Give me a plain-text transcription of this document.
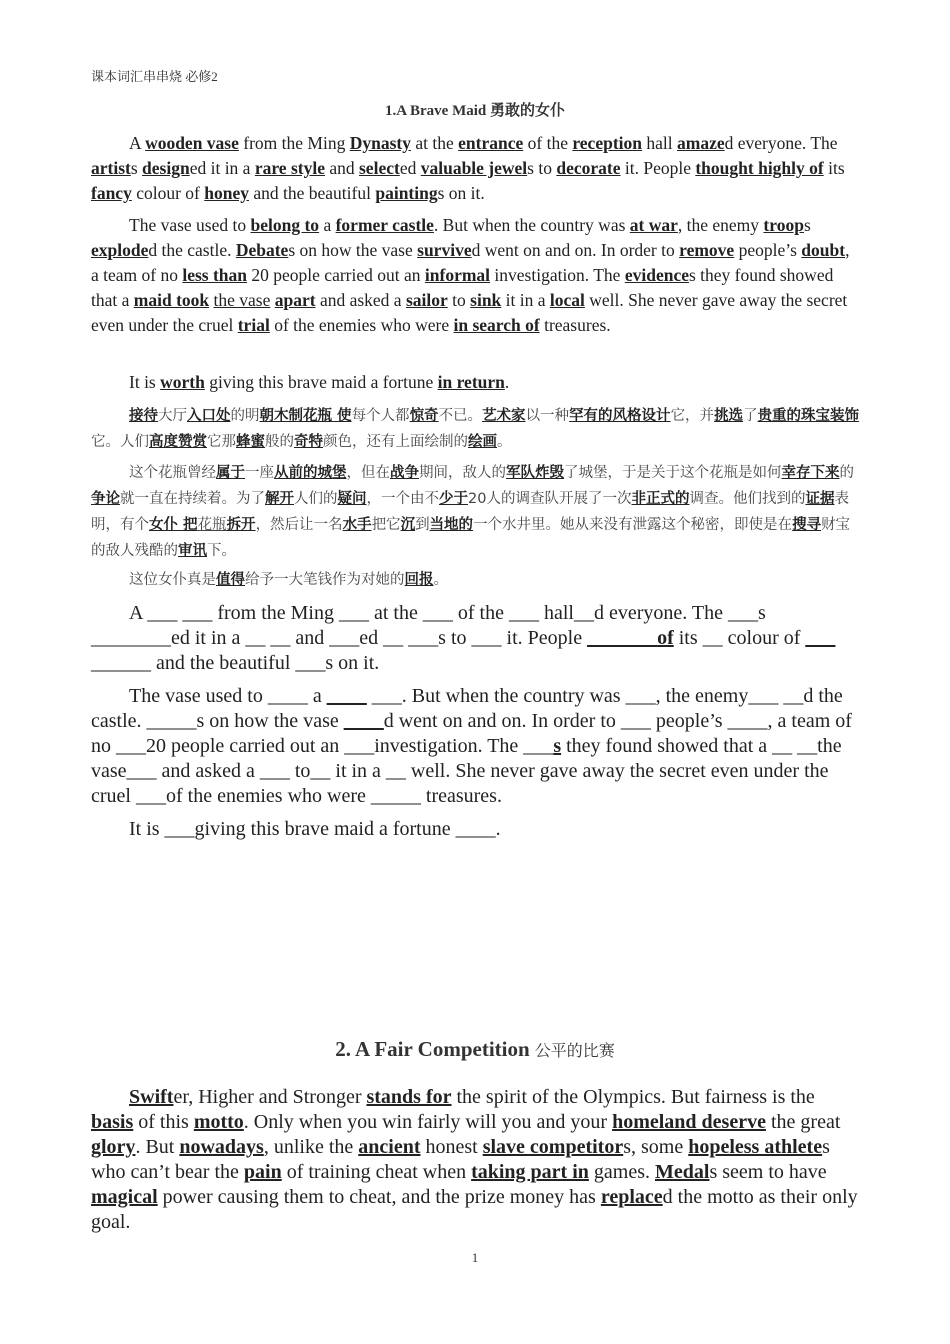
课本词汇串串烧 必修2
1.A Brave Maid 勇敢的女仆

A wooden vase from the Ming Dynasty at the entrance of the reception hall amazed everyone. The artists designed it in a rare style and selected valuable jewels to decorate it. People thought highly of its fancy colour of honey and the beautiful paintings on it.

The vase used to belong to a former castle. But when the country was at war, the enemy troops exploded the castle. Debates on how the vase survived went on and on. In order to remove people’s doubt, a team of no less than 20 people carried out an informal investigation. The evidences they found showed that a maid took the vase apart and asked a sailor to sink it in a local well. She never gave away the secret even under the cruel trial of the enemies who were in search of treasures.

It is worth giving this brave maid a fortune in return.

接待大厅入口处的明朝木制花瓶 使每个人都惊奇不已。艺术家以一种罕有的风格设计它，并挑选了贵重的珠宝装饰它。人们高度赞赏它那蜂蜜般的奇特颜色，还有上面绘制的绘画。

这个花瓶曾经属于一座从前的城堡，但在战争期间，敌人的军队炸毁了城堡，于是关于这个花瓶是如何幸存下来的争论就一直在持续着。为了解开人们的疑问，一个由不少于20人的调查队开展了一次非正式的调查。他们找到的证据表明，有个女仆 把花瓶拆开，然后让一名水手把它沉到当地的一个水井里。她从来没有泄露这个秘密，即使是在搜寻财宝的敌人残酷的审讯下。

这位女仆真是值得给予一大笔钱作为对她的回报。

A ___ ___ from the Ming ___ at the ___ of the ___ hall__d everyone. The ___s ________ed it in a __ __ and ___ed __ ___s to ___ it. People ___ ___ of its __ colour of ___ ______ and the beautiful ___s on it.

The vase used to ____ a ____ ___. But when the country was ___, the enemy___ __d the castle. _____s on how the vase ____d went on and on. In order to ___ people’s ____, a team of no ___20 people carried out an ___investigation. The ___s they found showed that a __ __the vase___ and asked a ___ to__ it in a __ well. She never gave away the secret even under the cruel ___of the enemies who were _____ treasures.

It is ___giving this brave maid a fortune ____.

2. A Fair Competition 公平的比赛

Swifter, Higher and Stronger stands for the spirit of the Olympics. But fairness is the basis of this motto. Only when you win fairly will you and your homeland deserve the great glory. But nowadays, unlike the ancient honest slave competitors, some hopeless athletes who can’t bear the pain of training cheat when taking part in games. Medals seem to have magical power causing them to cheat, and the prize money has replaced the motto as their only goal.

1
